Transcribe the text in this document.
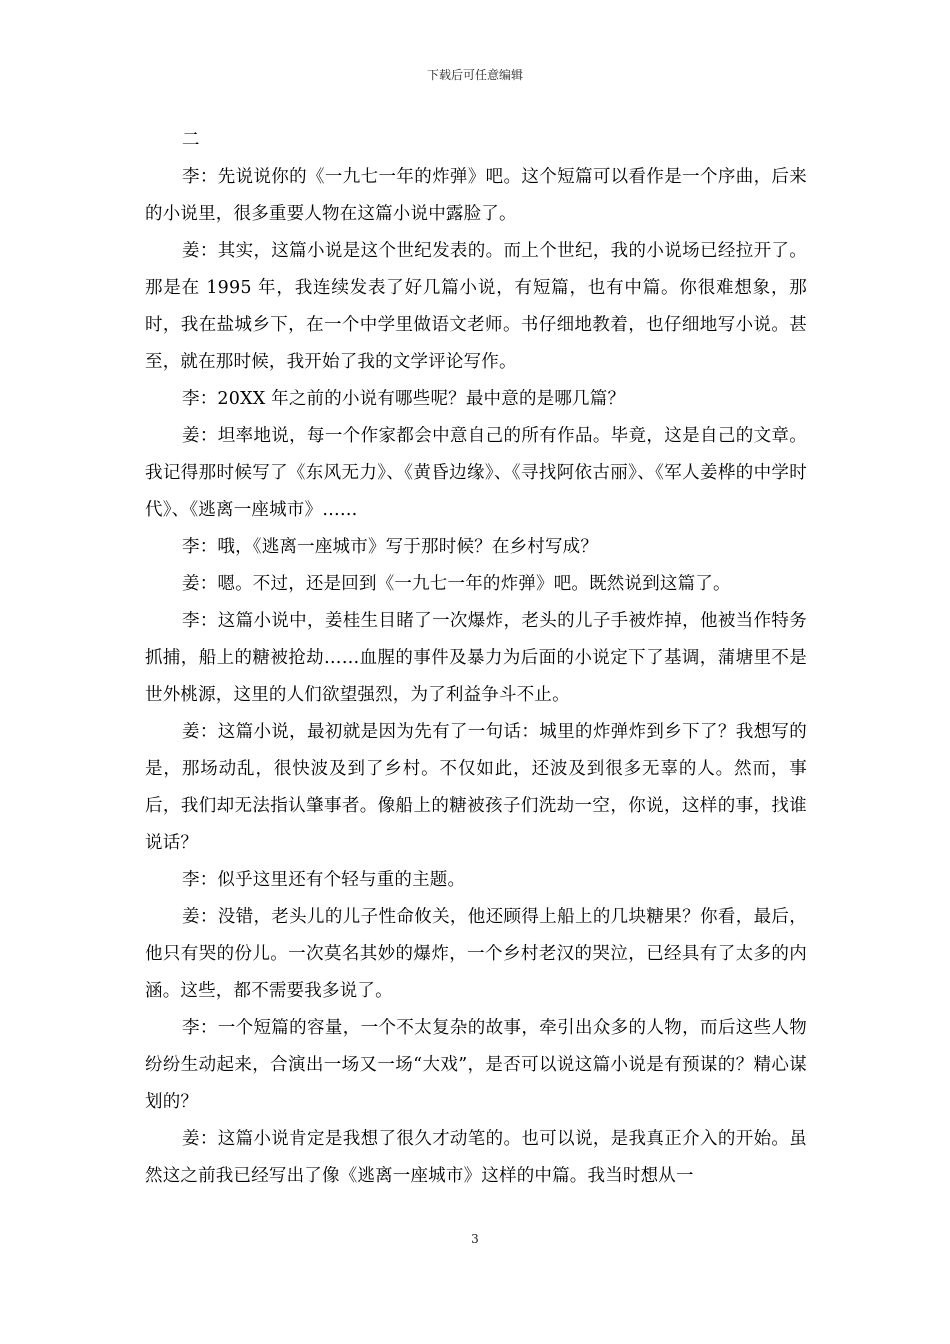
下载后可任意编辑

二

李：先说说你的《一九七一年的炸弹》吧。这个短篇可以看作是一个序曲，后来的小说里，很多重要人物在这篇小说中露脸了。

姜：其实，这篇小说是这个世纪发表的。而上个世纪，我的小说场已经拉开了。那是在 1995 年，我连续发表了好几篇小说，有短篇，也有中篇。你很难想象，那时，我在盐城乡下，在一个中学里做语文老师。书仔细地教着，也仔细地写小说。甚至，就在那时候，我开始了我的文学评论写作。

李：20XX 年之前的小说有哪些呢？最中意的是哪几篇？

姜：坦率地说，每一个作家都会中意自己的所有作品。毕竟，这是自己的文章。我记得那时候写了《东风无力》、《黄昏边缘》、《寻找阿依古丽》、《军人姜桦的中学时代》、《逃离一座城市》……

李：哦，《逃离一座城市》写于那时候？在乡村写成？

姜：嗯。不过，还是回到《一九七一年的炸弹》吧。既然说到这篇了。

李：这篇小说中，姜桂生目睹了一次爆炸，老头的儿子手被炸掉，他被当作特务抓捕，船上的糖被抢劫……血腥的事件及暴力为后面的小说定下了基调，蒲塘里不是世外桃源，这里的人们欲望强烈，为了利益争斗不止。

姜：这篇小说，最初就是因为先有了一句话：城里的炸弹炸到乡下了？我想写的是，那场动乱，很快波及到了乡村。不仅如此，还波及到很多无辜的人。然而，事后，我们却无法指认肇事者。像船上的糖被孩子们洗劫一空，你说，这样的事，找谁说话？

李：似乎这里还有个轻与重的主题。

姜：没错，老头儿的儿子性命攸关，他还顾得上船上的几块糖果？你看，最后，他只有哭的份儿。一次莫名其妙的爆炸，一个乡村老汉的哭泣，已经具有了太多的内涵。这些，都不需要我多说了。

李：一个短篇的容量，一个不太复杂的故事，牵引出众多的人物，而后这些人物纷纷生动起来，合演出一场又一场“大戏”，是否可以说这篇小说是有预谋的？精心谋划的？

姜：这篇小说肯定是我想了很久才动笔的。也可以说，是我真正介入的开始。虽然这之前我已经写出了像《逃离一座城市》这样的中篇。我当时想从一

3
